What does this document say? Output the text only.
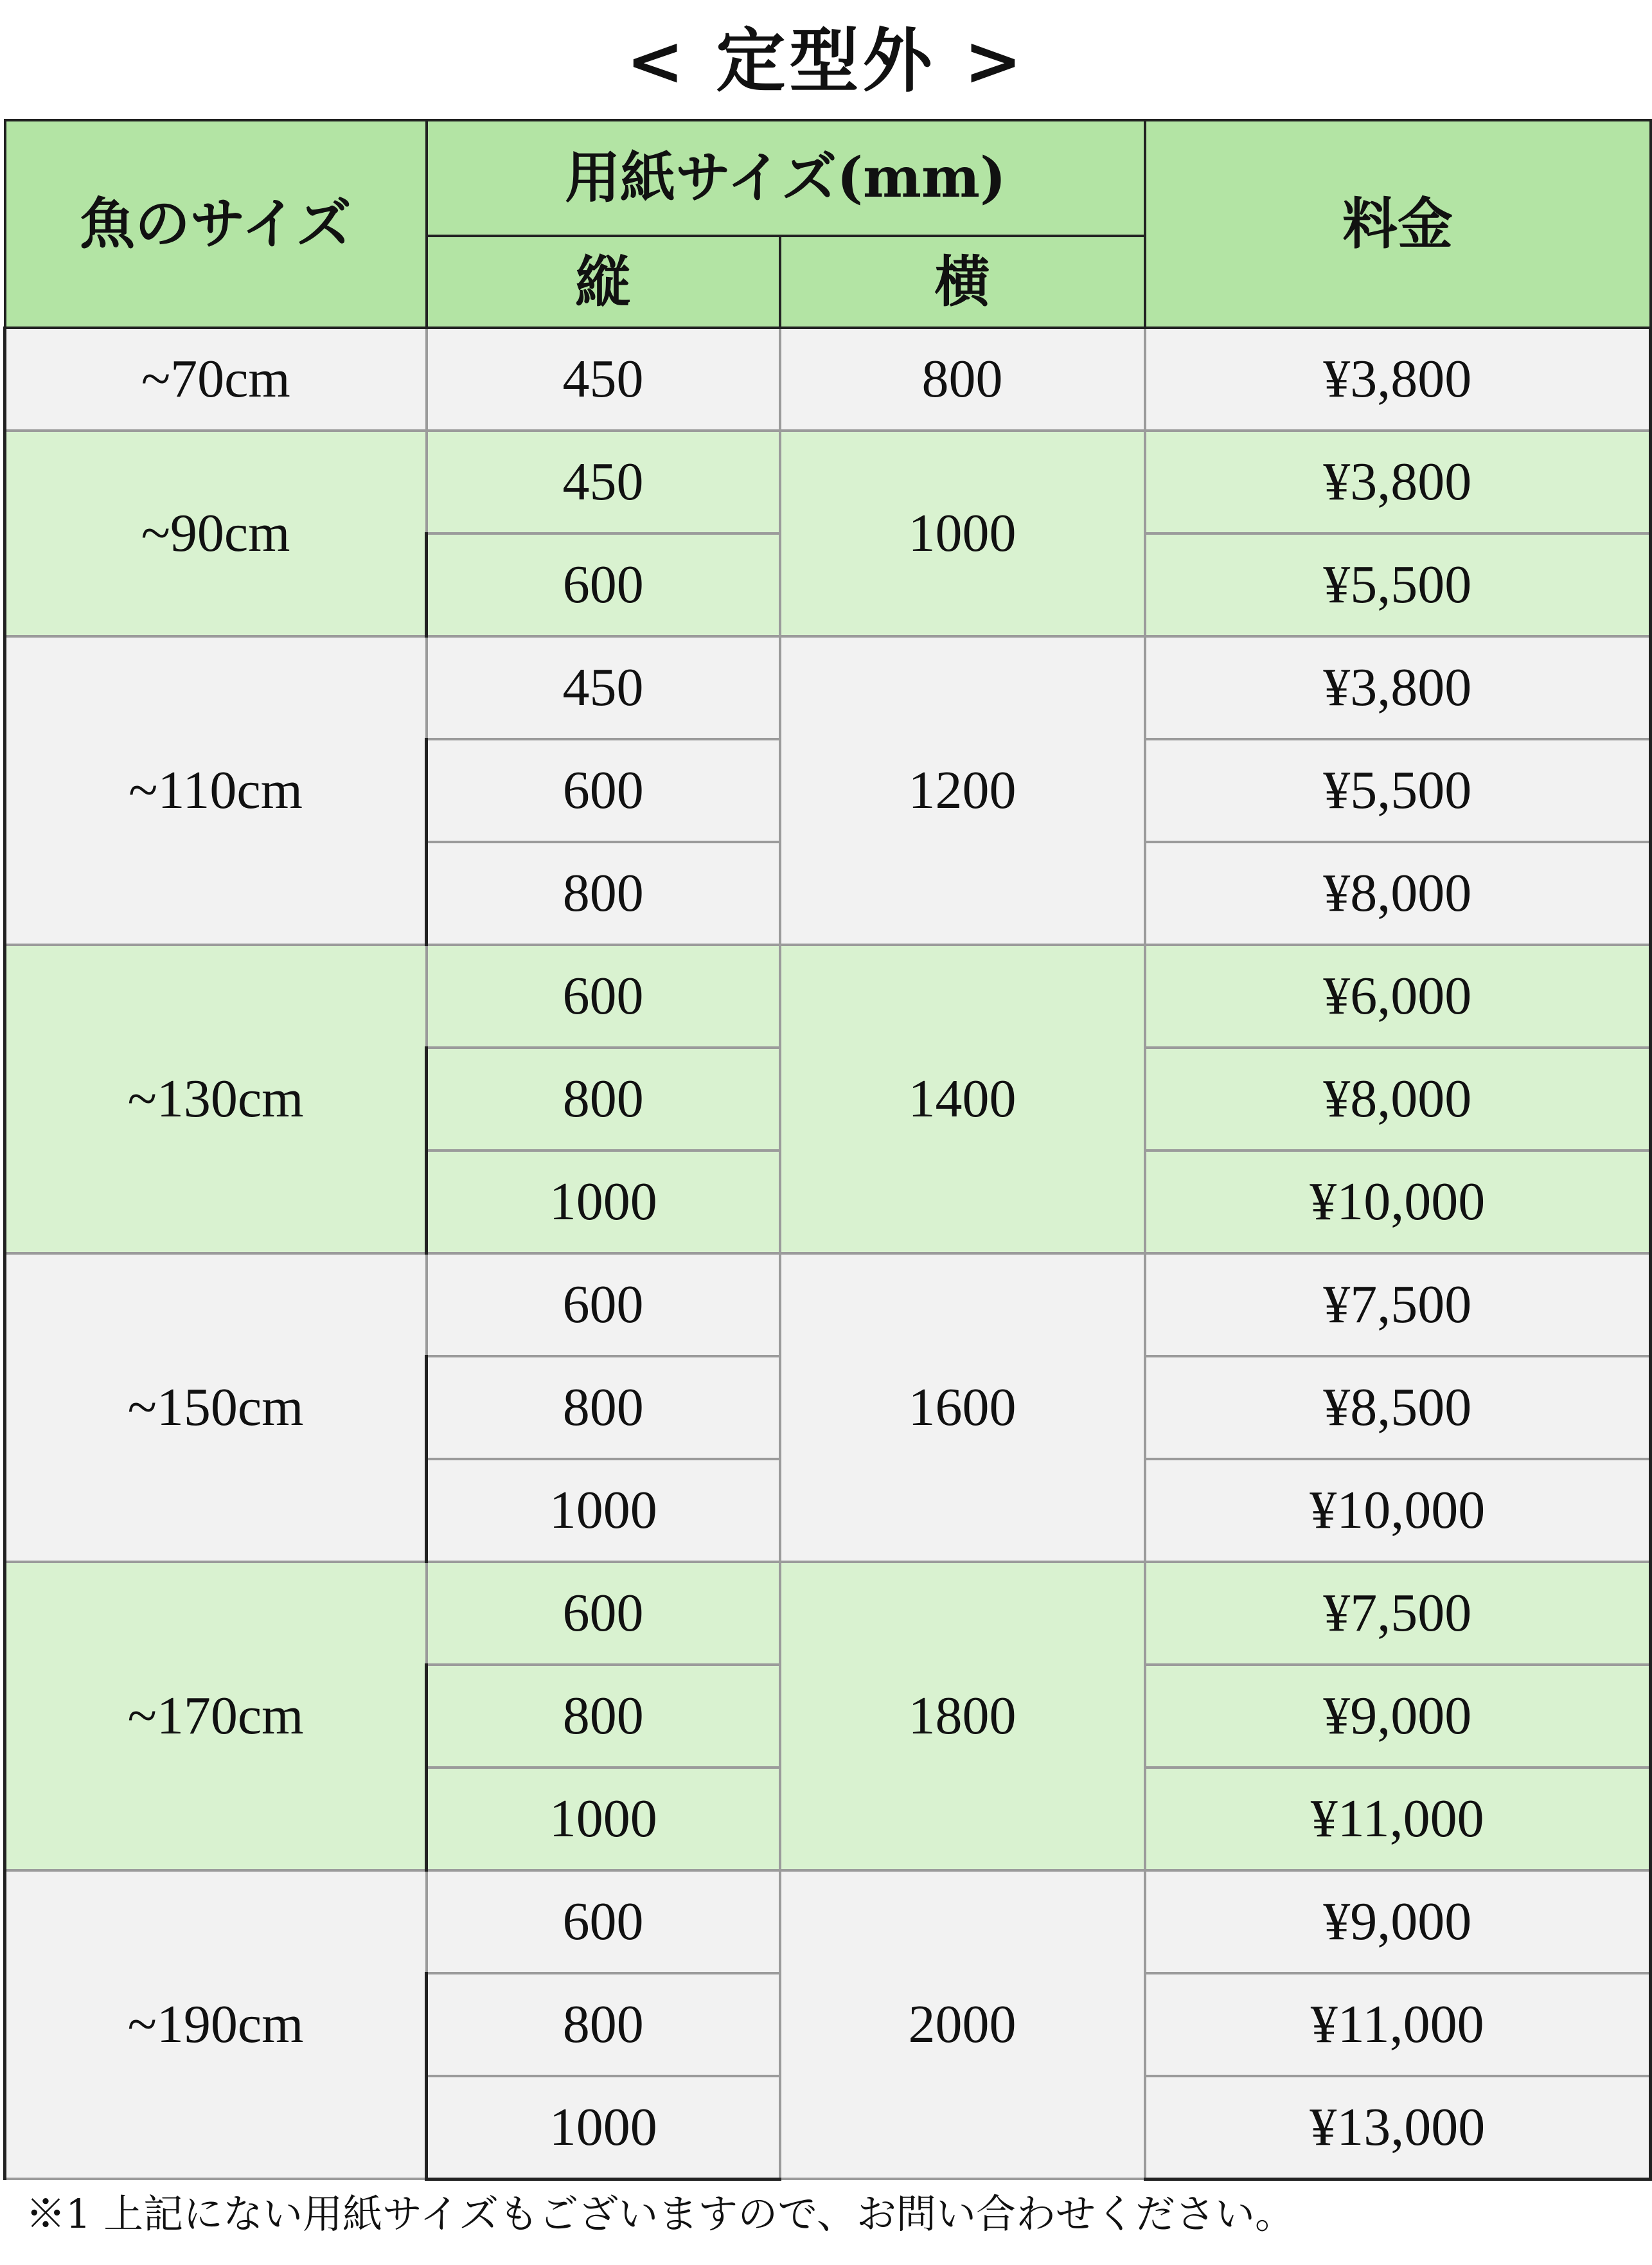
< 定型外 >
魚のサイズ	用紙サイズ(mm)		料金
	縦	横	
~70cm	450	800	¥3,800
~90cm	450	1000	¥3,800
	600		¥5,500
~110cm	450	1200	¥3,800
	600		¥5,500
	800		¥8,000
~130cm	600	1400	¥6,000
	800		¥8,000
	1000		¥10,000
~150cm	600	1600	¥7,500
	800		¥8,500
	1000		¥10,000
~170cm	600	1800	¥7,500
	800		¥9,000
	1000		¥11,000
~190cm	600	2000	¥9,000
	800		¥11,000
	1000		¥13,000
※1 上記にない用紙サイズもございますので、お問い合わせください。
